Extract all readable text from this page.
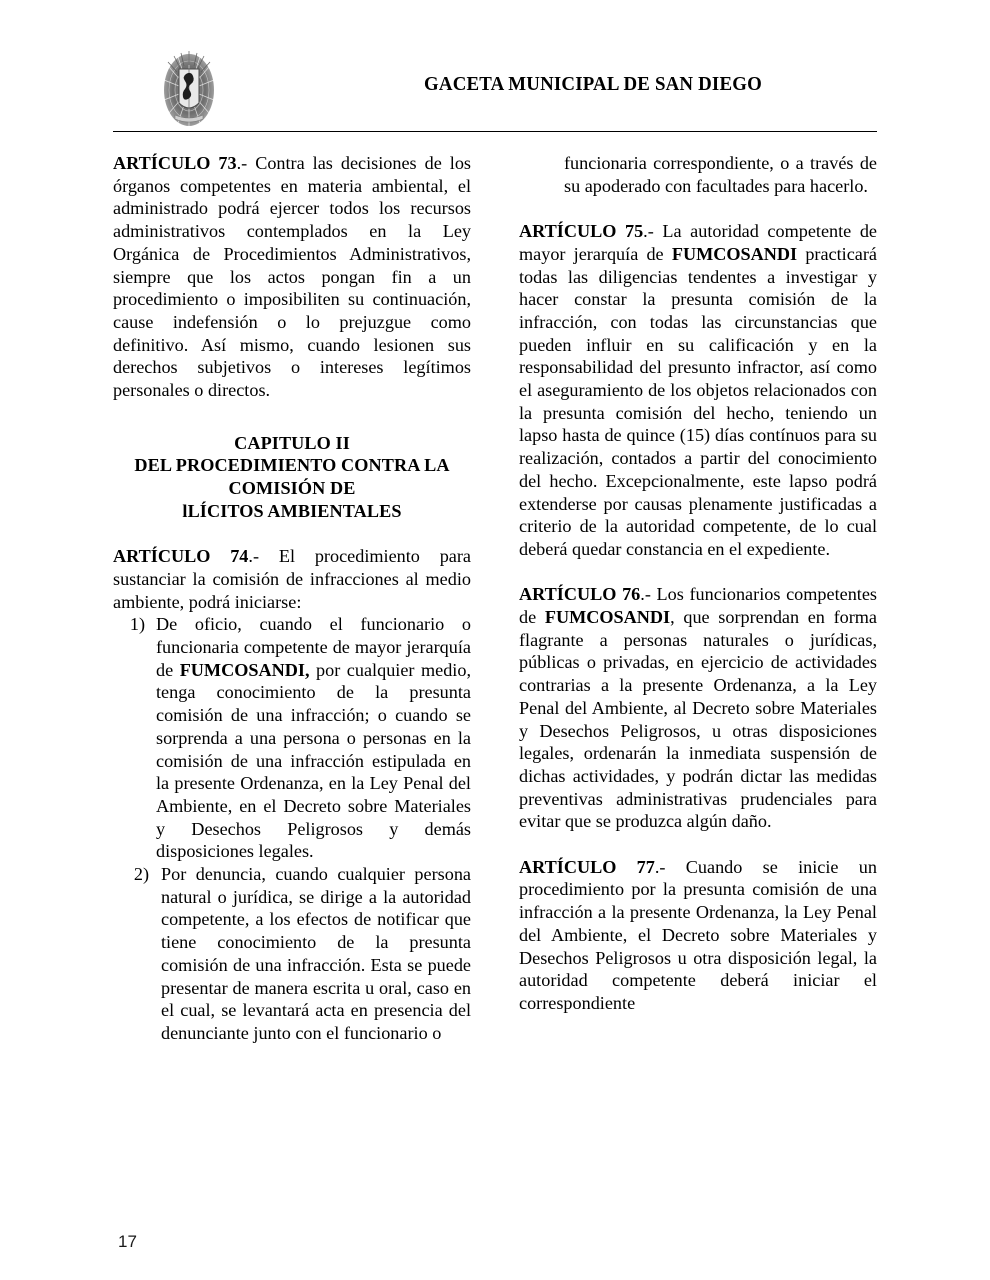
GACETA MUNICIPAL DE SAN DIEGO

ARTÍCULO 73.- Contra las decisiones de los órganos competentes en materia ambiental, el administrado podrá ejercer todos los recursos administrativos contemplados en la Ley Orgánica de Procedimientos Administrativos, siempre que los actos pongan fin a un procedimiento o imposibiliten su continuación, cause indefensión o lo prejuzgue como definitivo. Así mismo, cuando lesionen sus derechos subjetivos o intereses legítimos personales o directos.

CAPITULO II
DEL PROCEDIMIENTO CONTRA LA
COMISIÓN DE
lLÍCITOS AMBIENTALES

ARTÍCULO 74.- El procedimiento para sustanciar la comisión de infracciones al medio ambiente, podrá iniciarse:

1) De oficio, cuando el funcionario o funcionaria competente de mayor jerarquía de FUMCOSANDI, por cualquier medio, tenga conocimiento de la presunta comisión de una infracción; o cuando se sorprenda a una persona o personas en la comisión de una infracción estipulada en la presente Ordenanza, en la Ley Penal del Ambiente, en el Decreto sobre Materiales y Desechos Peligrosos y demás disposiciones legales.
2) Por denuncia, cuando cualquier persona natural o jurídica, se dirige a la autoridad competente, a los efectos de notificar que tiene conocimiento de la presunta comisión de una infracción. Esta se puede presentar de manera escrita u oral, caso en el cual, se levantará acta en presencia del denunciante junto con el funcionario o

funcionaria correspondiente, o a través de su apoderado con facultades para hacerlo.

ARTÍCULO 75.- La autoridad competente de mayor jerarquía de FUMCOSANDI practicará todas las diligencias tendentes a investigar y hacer constar la presunta comisión de la infracción, con todas las circunstancias que pueden influir en su calificación y en la responsabilidad del presunto infractor, así como el aseguramiento de los objetos relacionados con la presunta comisión del hecho, teniendo un lapso hasta de quince (15) días contínuos para su realización, contados a partir del conocimiento del hecho. Excepcionalmente, este lapso podrá extenderse por causas plenamente justificadas a criterio de la autoridad competente, de lo cual deberá quedar constancia en el expediente.

ARTÍCULO 76.- Los funcionarios competentes de FUMCOSANDI, que sorprendan en forma flagrante a personas naturales o jurídicas, públicas o privadas, en ejercicio de actividades contrarias a la presente Ordenanza, a la Ley Penal del Ambiente, al Decreto sobre Materiales y Desechos Peligrosos, u otras disposiciones legales, ordenarán la inmediata suspensión de dichas actividades, y podrán dictar las medidas preventivas administrativas prudenciales para evitar que se produzca algún daño.

ARTÍCULO 77.- Cuando se inicie un procedimiento por la presunta comisión de una infracción a la presente Ordenanza, la Ley Penal del Ambiente, el Decreto sobre Materiales y Desechos Peligrosos u otra disposición legal, la autoridad competente deberá iniciar el correspondiente

17
